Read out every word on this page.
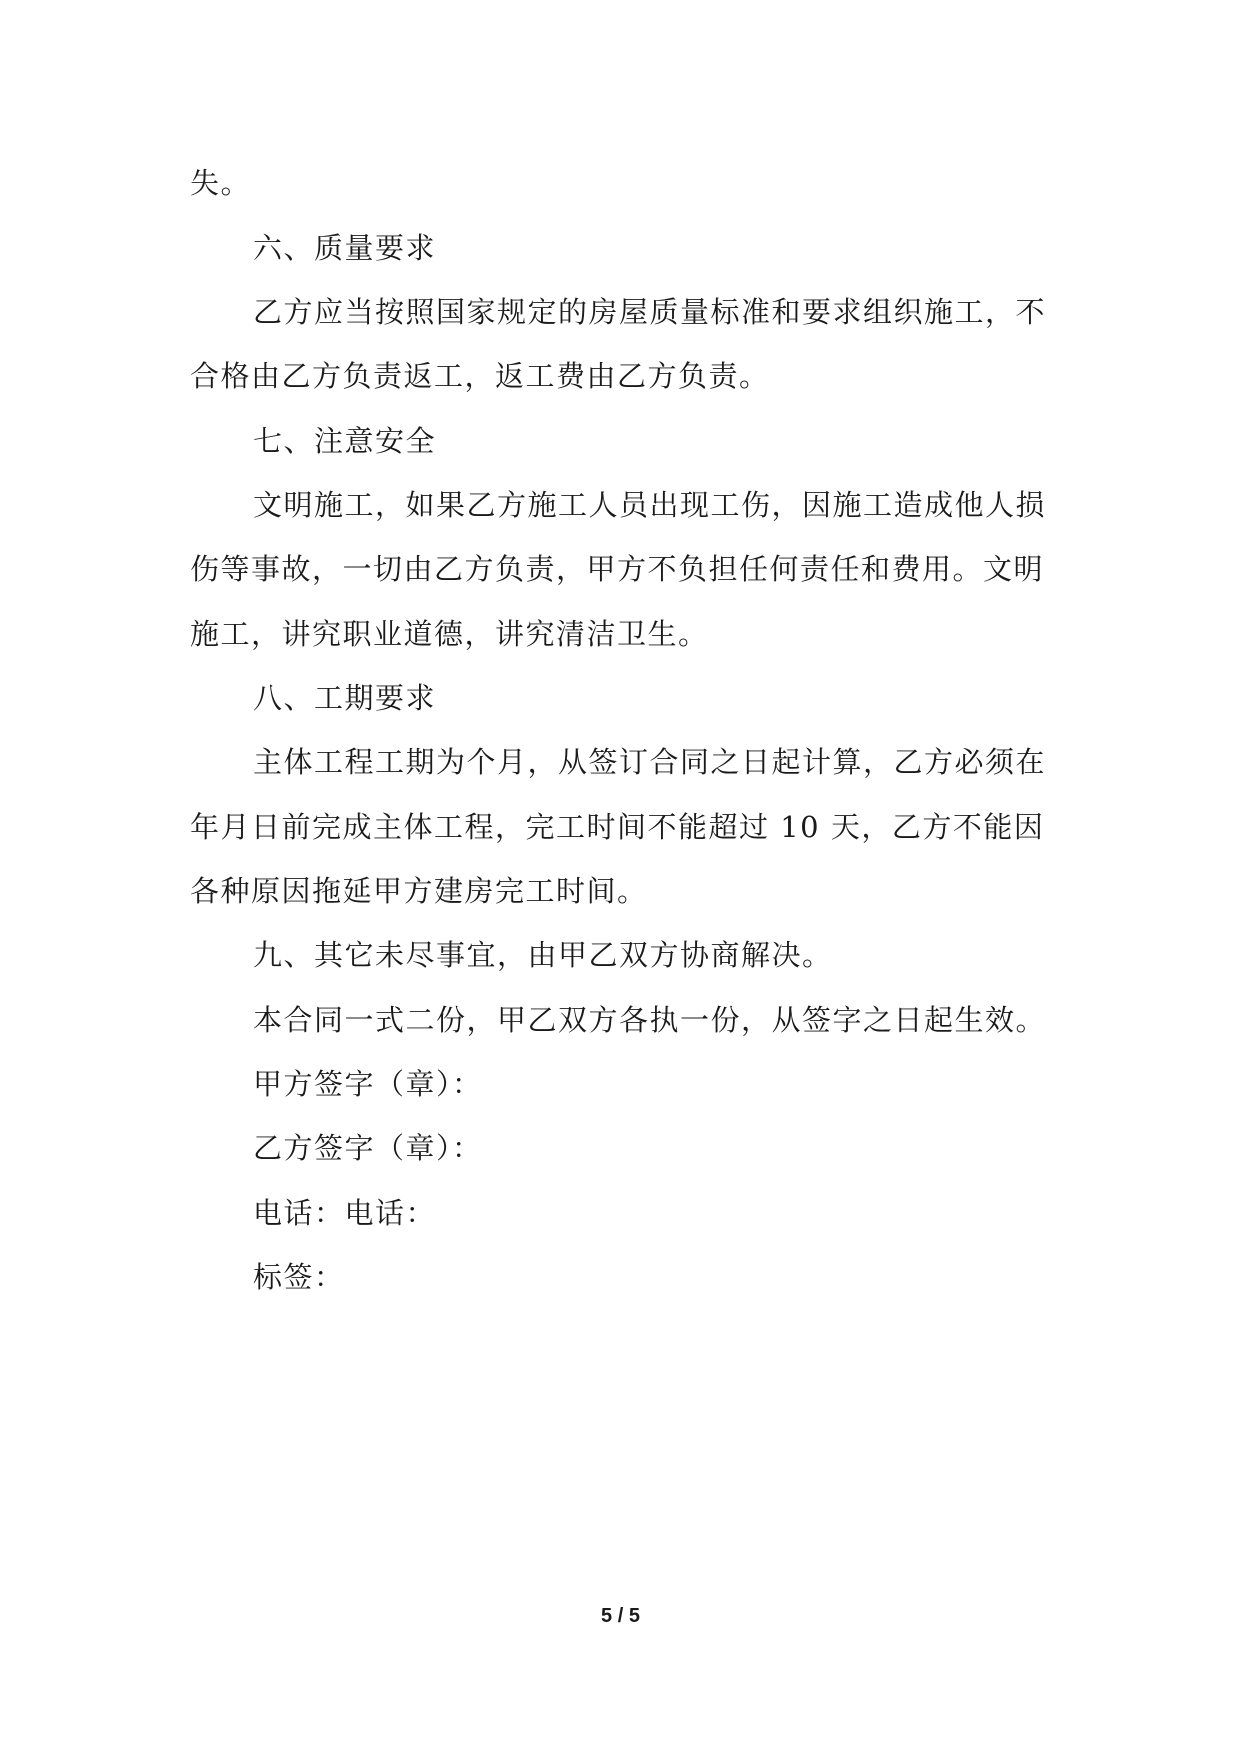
失。
六、质量要求
乙方应当按照国家规定的房屋质量标准和要求组织施工，不
合格由乙方负责返工，返工费由乙方负责。
七、注意安全
文明施工，如果乙方施工人员出现工伤，因施工造成他人损
伤等事故，一切由乙方负责，甲方不负担任何责任和费用。文明
施工，讲究职业道德，讲究清洁卫生。
八、工期要求
主体工程工期为个月，从签订合同之日起计算，乙方必须在
年月日前完成主体工程，完工时间不能超过 10 天，乙方不能因
各种原因拖延甲方建房完工时间。
九、其它未尽事宜，由甲乙双方协商解决。
本合同一式二份，甲乙双方各执一份，从签字之日起生效。
甲方签字（章）：
乙方签字（章）：
电话：电话：
标签：
5 / 5
